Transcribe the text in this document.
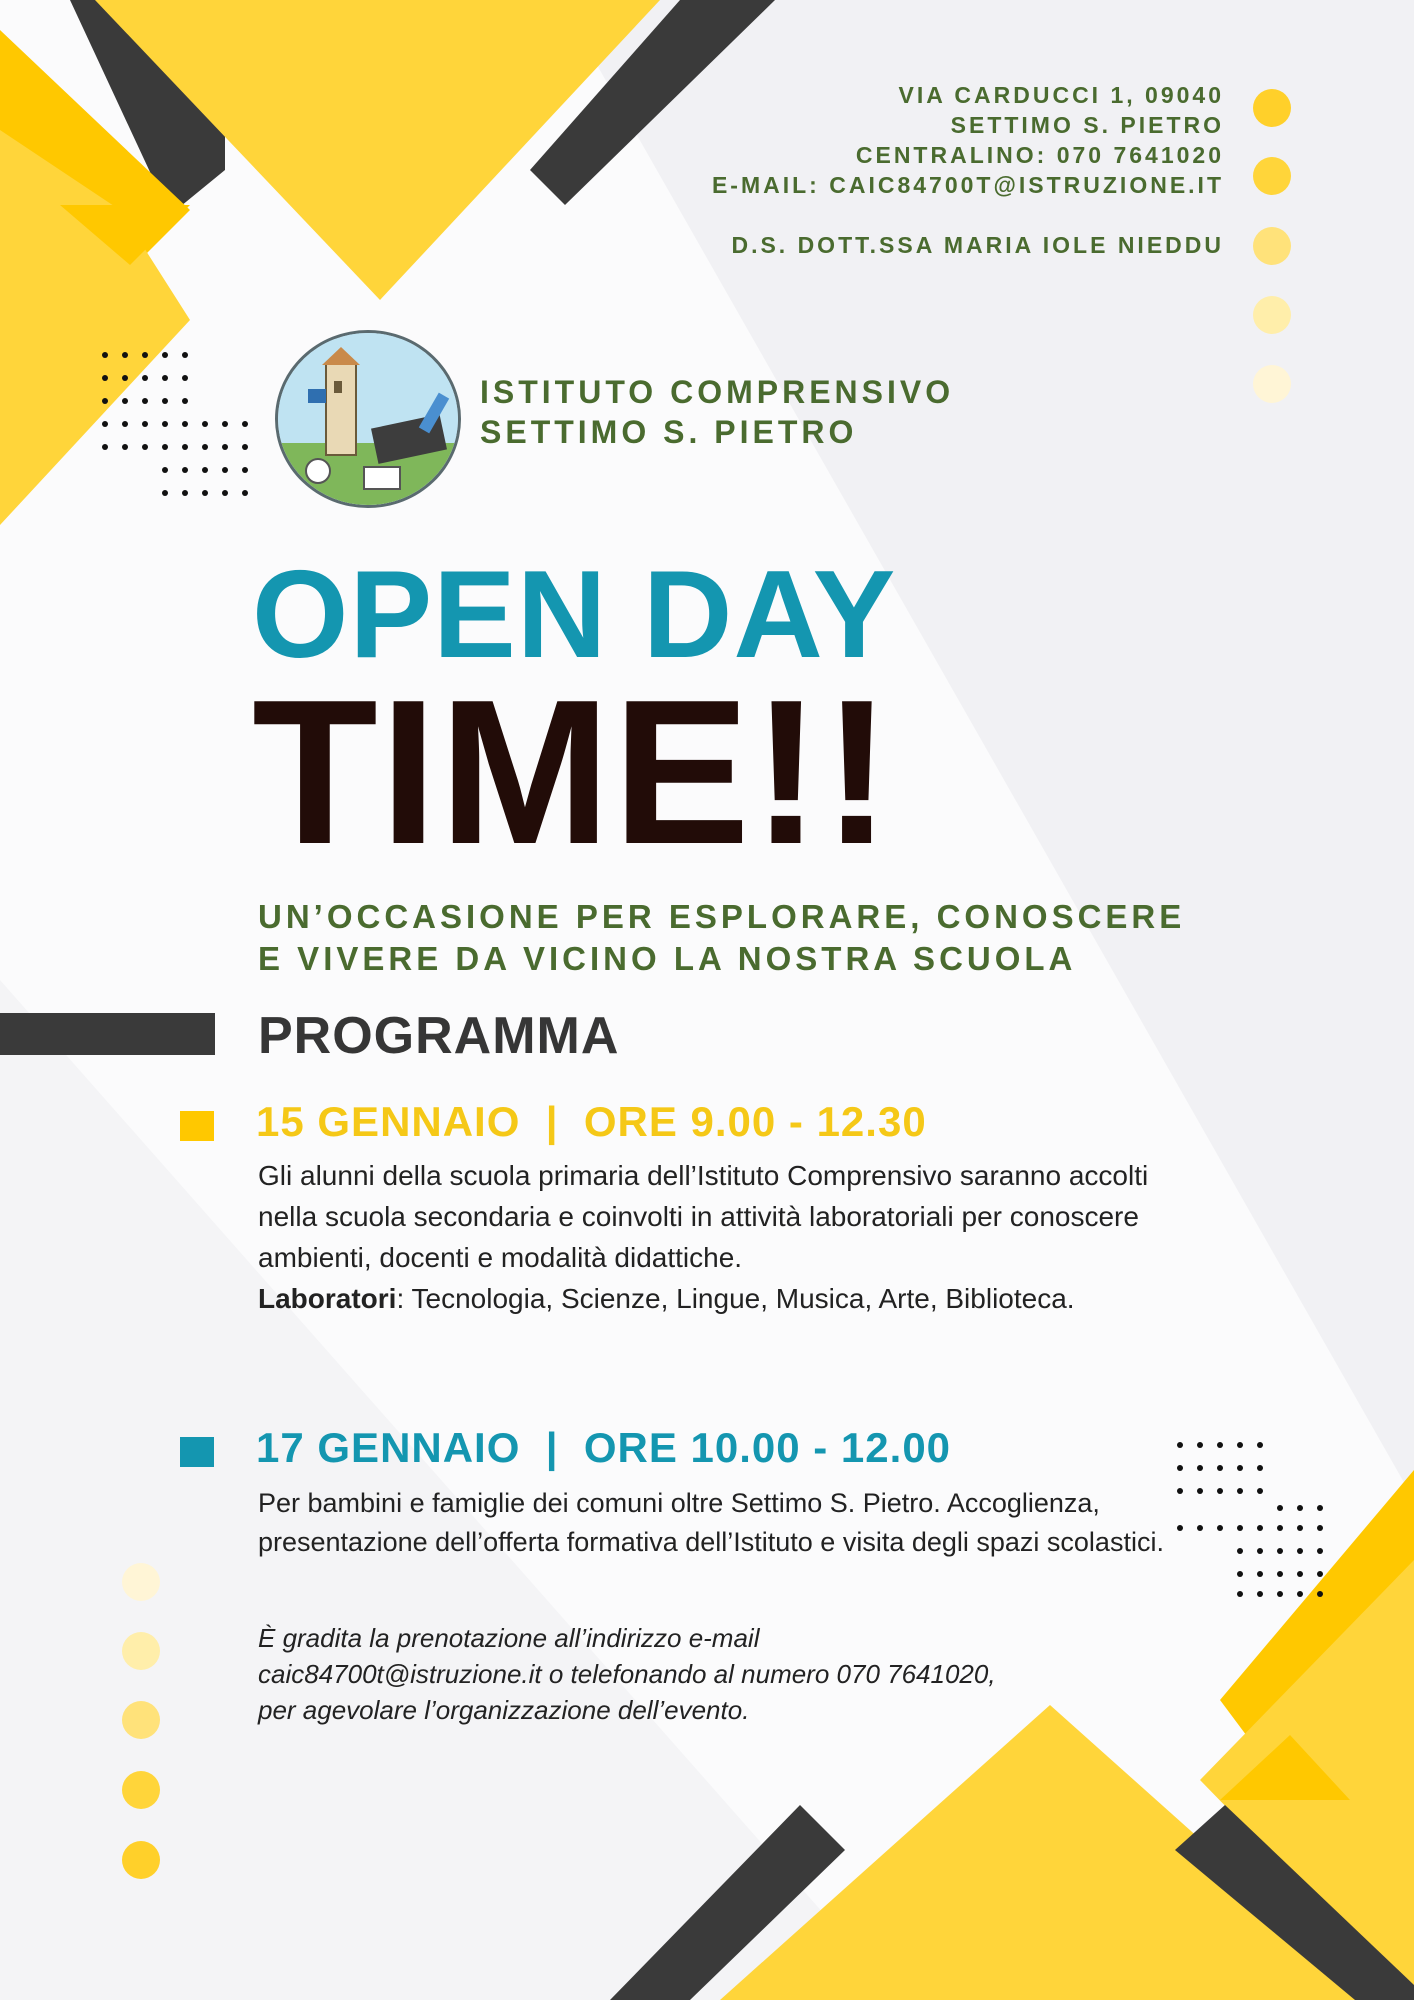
VIA CARDUCCI 1, 09040
SETTIMO S. PIETRO
CENTRALINO: 070 7641020
E-MAIL: CAIC84700T@ISTRUZIONE.IT
D.S. DOTT.SSA MARIA IOLE NIEDDU
ISTITUTO COMPRENSIVO
SETTIMO S. PIETRO
OPEN DAY
TIME!!
UN’OCCASIONE PER ESPLORARE, CONOSCERE
E VIVERE DA VICINO LA NOSTRA SCUOLA
PROGRAMMA
15 GENNAIO  |  ORE 9.00 - 12.30

Gli alunni della scuola primaria dell’Istituto Comprensivo saranno accolti nella scuola secondaria e coinvolti in attività laboratoriali per conoscere ambienti, docenti e modalità didattiche.

Laboratori: Tecnologia, Scienze, Lingue, Musica, Arte, Biblioteca.

17 GENNAIO  |  ORE 10.00 - 12.00

Per bambini e famiglie dei comuni oltre Settimo S. Pietro. Accoglienza, presentazione dell’offerta formativa dell’Istituto e visita degli spazi scolastici.

È gradita la prenotazione all’indirizzo e-mail
caic84700t@istruzione.it o telefonando al numero 070 7641020,
per agevolare l’organizzazione dell’evento.
